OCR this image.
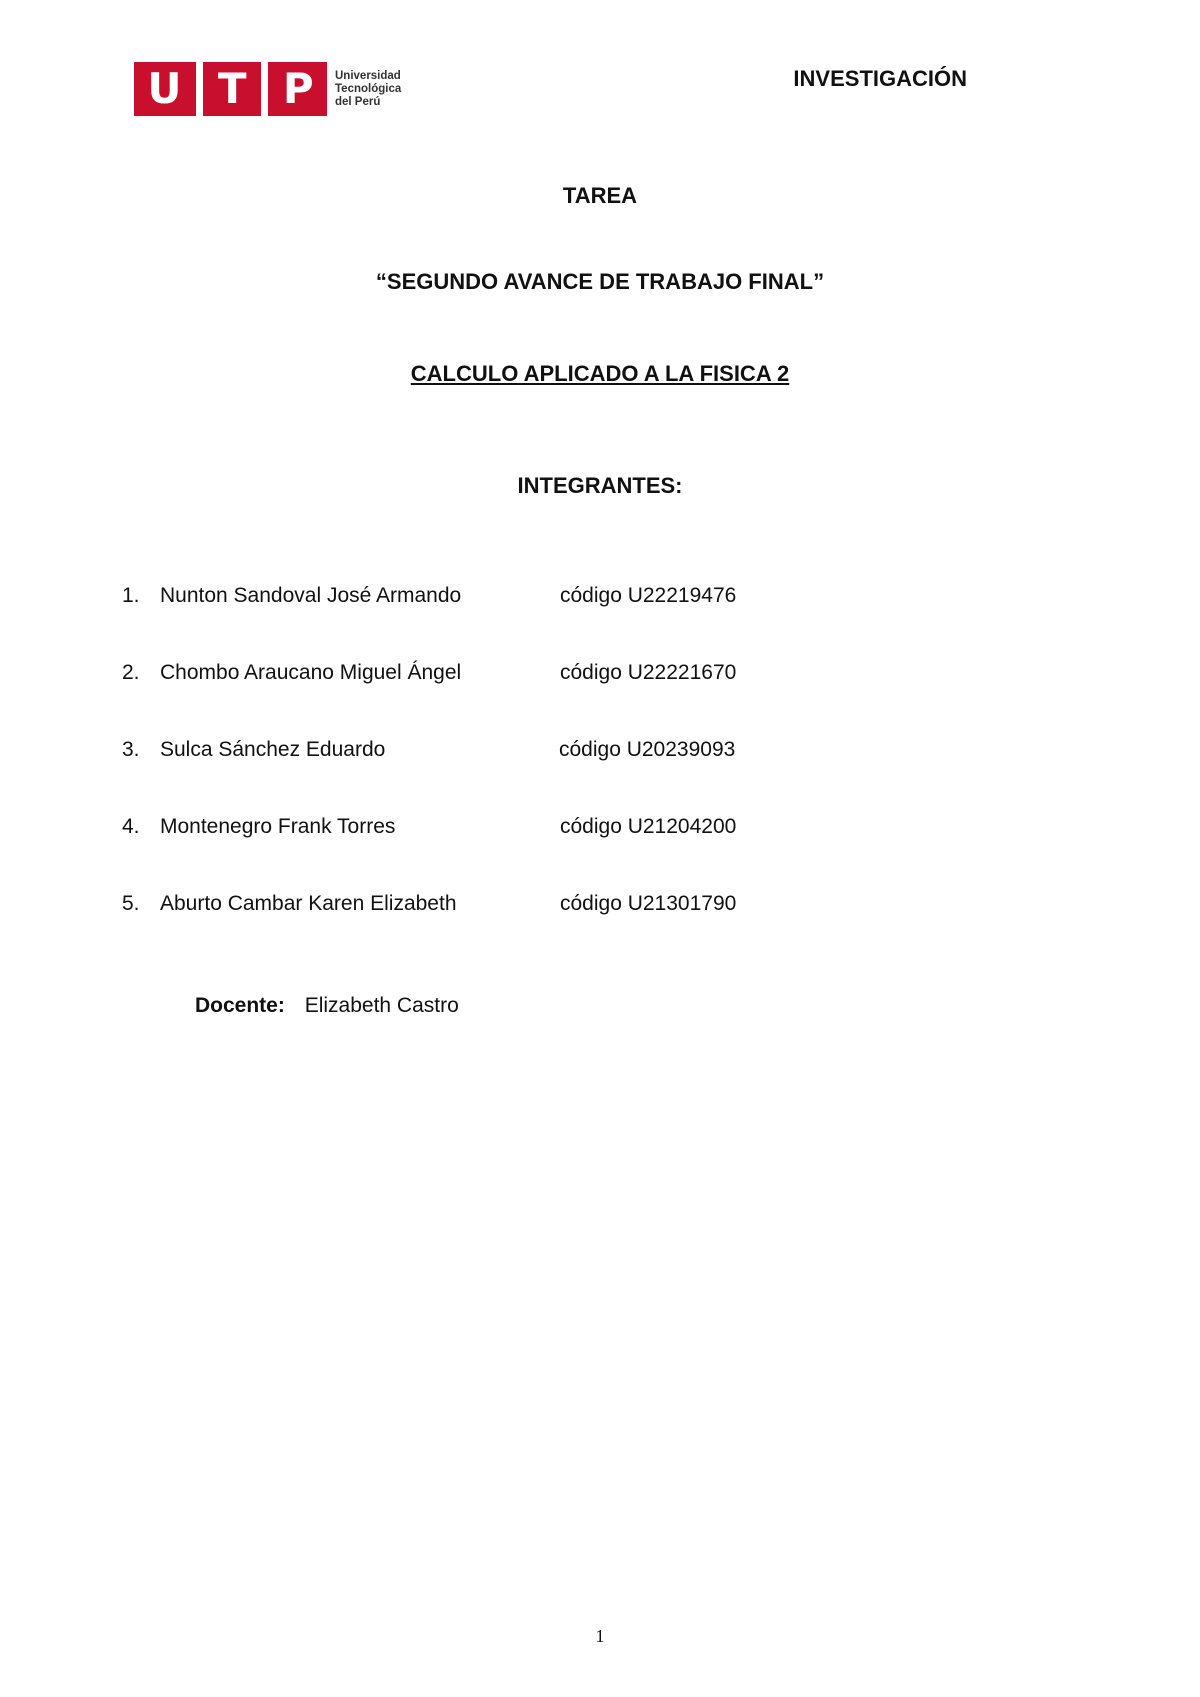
U T P Universidad
Tecnológica
del Perú
INVESTIGACIÓN
TAREA
“SEGUNDO AVANCE DE TRABAJO FINAL”
CALCULO APLICADO A LA FISICA 2
INTEGRANTES:
1. Nunton Sandoval José Armando	código U22219476
2. Chombo Araucano Miguel Ángel	código U22221670
3. Sulca Sánchez Eduardo	código U20239093
4. Montenegro Frank Torres	código U21204200
5. Aburto Cambar Karen Elizabeth	código U21301790
Docente: Elizabeth Castro
1
